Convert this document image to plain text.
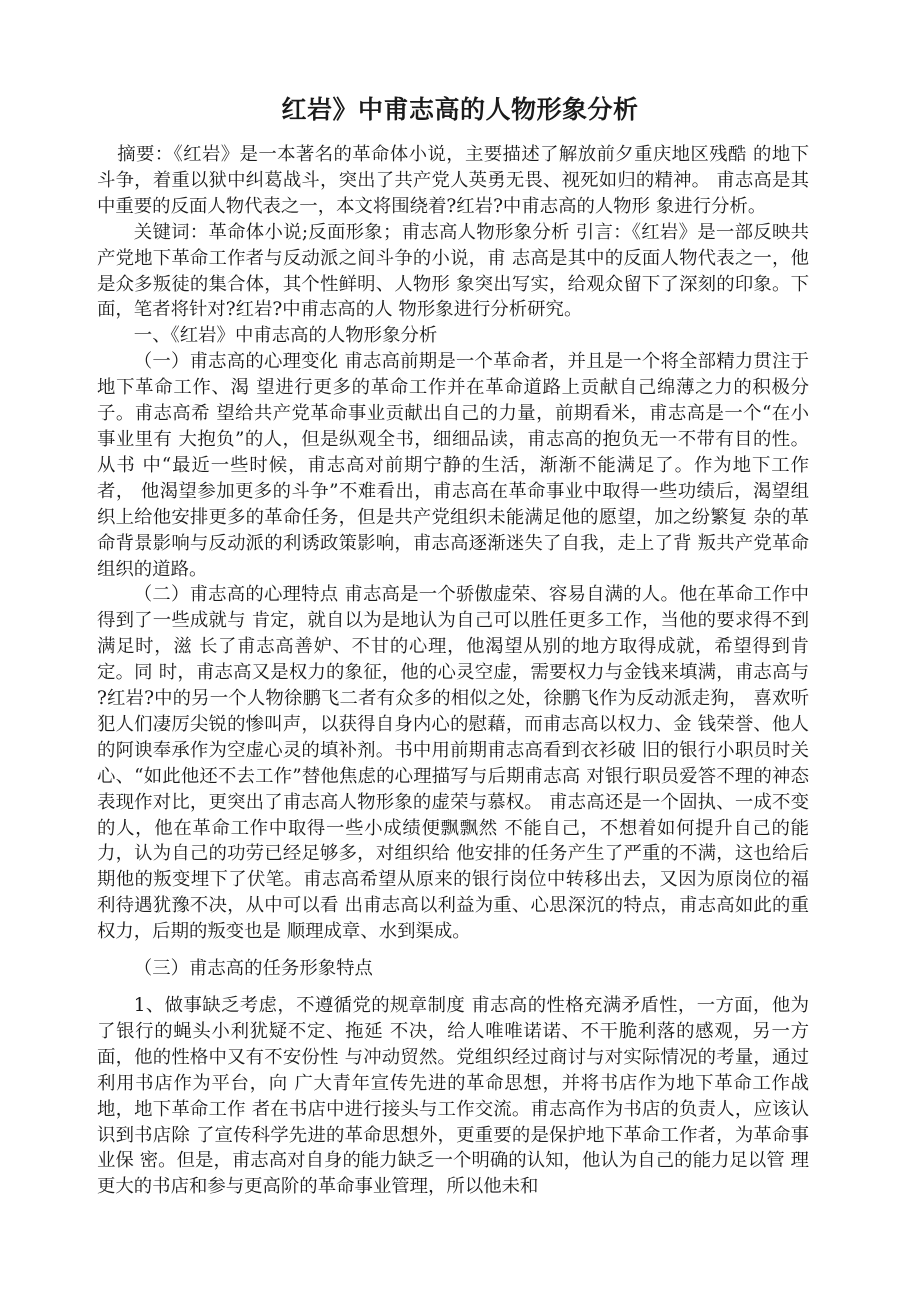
红岩》中甫志高的人物形象分析

摘要：《红岩》是一本著名的革命体小说，主要描述了解放前夕重庆地区残酷 的地下斗争，着重以狱中纠葛战斗，突出了共产党人英勇无畏、视死如归的精神。 甫志高是其中重要的反面人物代表之一，本文将围绕着?红岩?中甫志高的人物形 象进行分析。

关键词：革命体小说;反面形象；甫志高人物形象分析 引言：《红岩》是一部反映共产党地下革命工作者与反动派之间斗争的小说，甫 志高是其中的反面人物代表之一，他是众多叛徒的集合体，其个性鲜明、人物形 象突出写实，给观众留下了深刻的印象。下面，笔者将针对?红岩?中甫志高的人 物形象进行分析研究。

一、《红岩》中甫志高的人物形象分析

（一）甫志高的心理变化 甫志高前期是一个革命者，并且是一个将全部精力贯注于地下革命工作、渴 望进行更多的革命工作并在革命道路上贡献自己绵薄之力的积极分子。甫志高希 望给共产党革命事业贡献出自己的力量，前期看米，甫志高是一个“在小事业里有 大抱负”的人，但是纵观全书，细细品读，甫志高的抱负无一不带有目的性。从书 中“最近一些时候，甫志高对前期宁静的生活，渐渐不能满足了。作为地下工作者， 他渴望参加更多的斗争”不难看出，甫志高在革命事业中取得一些功绩后，渴望组 织上给他安排更多的革命任务，但是共产党组织未能满足他的愿望，加之纷繁复 杂的革命背景影响与反动派的利诱政策影响，甫志高逐渐迷失了自我，走上了背 叛共产党革命组织的道路。

（二）甫志高的心理特点 甫志高是一个骄傲虚荣、容易自满的人。他在革命工作中得到了一些成就与 肯定，就自以为是地认为自己可以胜任更多工作，当他的要求得不到满足时，滋 长了甫志高善妒、不甘的心理，他渴望从别的地方取得成就，希望得到肯定。同 时，甫志高又是权力的象征，他的心灵空虚，需要权力与金钱来填满，甫志高与 ?红岩?中的另一个人物徐鹏飞二者有众多的相似之处，徐鹏飞作为反动派走狗， 喜欢听犯人们凄厉尖锐的惨叫声，以获得自身内心的慰藉，而甫志高以权力、金 钱荣誉、他人的阿谀奉承作为空虚心灵的填补剂。书中用前期甫志高看到衣衫破 旧的银行小职员时关心、“如此他还不去工作”替他焦虑的心理描写与后期甫志高 对银行职员爱答不理的神态表现作对比，更突出了甫志高人物形象的虚荣与慕权。 甫志高还是一个固执、一成不变的人，他在革命工作中取得一些小成绩便飘飘然 不能自己，不想着如何提升自己的能力，认为自己的功劳已经足够多，对组织给 他安排的任务产生了严重的不满，这也给后期他的叛变埋下了伏笔。甫志高希望从原来的银行岗位中转移出去，又因为原岗位的福利待遇犹豫不决，从中可以看 出甫志高以利益为重、心思深沉的特点，甫志高如此的重权力，后期的叛变也是 顺理成章、水到渠成。

（三）甫志高的任务形象特点

1、做事缺乏考虑，不遵循党的规章制度 甫志高的性格充满矛盾性，一方面，他为了银行的蝇头小利犹疑不定、拖延 不决，给人唯唯诺诺、不干脆利落的感观，另一方面，他的性格中又有不安份性 与冲动贸然。党组织经过商讨与对实际情况的考量，通过利用书店作为平台，向 广大青年宣传先进的革命思想，并将书店作为地下革命工作战地，地下革命工作 者在书店中进行接头与工作交流。甫志高作为书店的负责人，应该认识到书店除 了宣传科学先进的革命思想外，更重要的是保护地下革命工作者，为革命事业保 密。但是，甫志高对自身的能力缺乏一个明确的认知，他认为自己的能力足以管 理更大的书店和参与更高阶的革命事业管理，所以他未和
